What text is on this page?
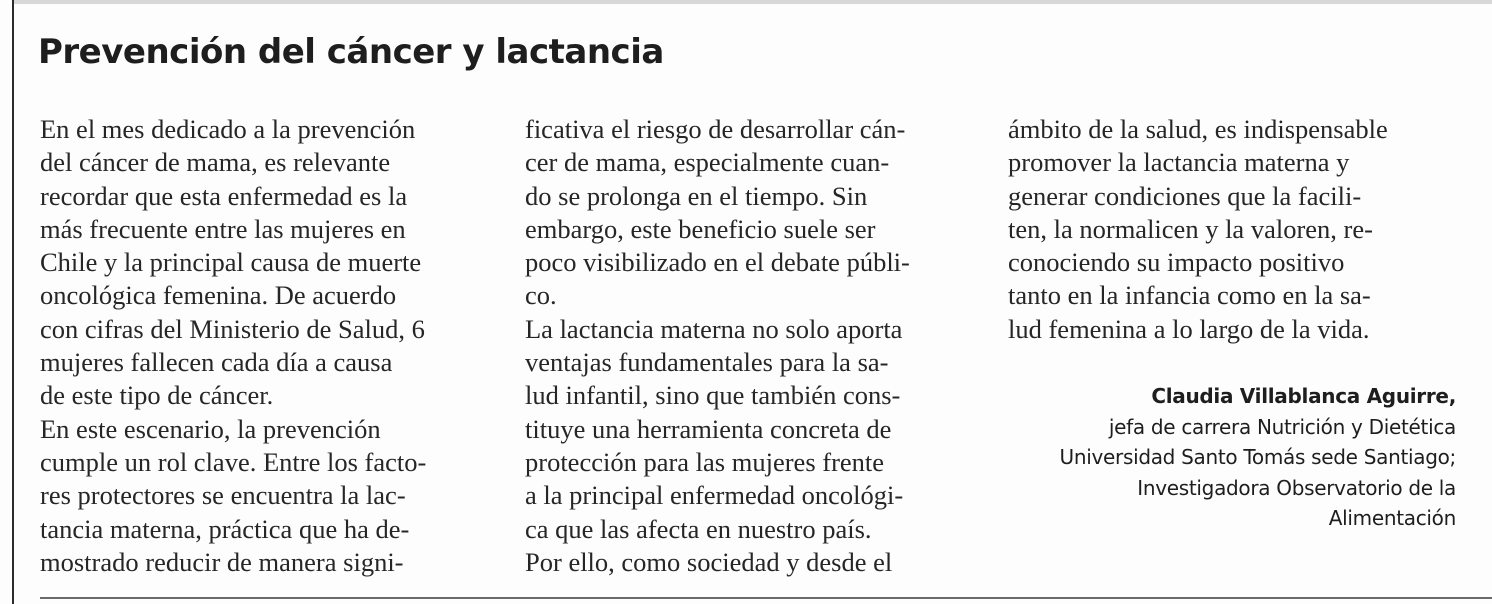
Prevención del cáncer y lactancia
En el mes dedicado a la prevención
del cáncer de mama, es relevante
recordar que esta enfermedad es la
más frecuente entre las mujeres en
Chile y la principal causa de muerte
oncológica femenina. De acuerdo
con cifras del Ministerio de Salud, 6
mujeres fallecen cada día a causa
de este tipo de cáncer.
En este escenario, la prevención
cumple un rol clave. Entre los facto-
res protectores se encuentra la lac-
tancia materna, práctica que ha de-
mostrado reducir de manera signi-
ficativa el riesgo de desarrollar cán-
cer de mama, especialmente cuan-
do se prolonga en el tiempo. Sin
embargo, este beneficio suele ser
poco visibilizado en el debate públi-
co.
La lactancia materna no solo aporta
ventajas fundamentales para la sa-
lud infantil, sino que también cons-
tituye una herramienta concreta de
protección para las mujeres frente
a la principal enfermedad oncológi-
ca que las afecta en nuestro país.
Por ello, como sociedad y desde el
ámbito de la salud, es indispensable
promover la lactancia materna y
generar condiciones que la facili-
ten, la normalicen y la valoren, re-
conociendo su impacto positivo
tanto en la infancia como en la sa-
lud femenina a lo largo de la vida.
Claudia Villablanca Aguirre,
jefa de carrera Nutrición y Dietética
Universidad Santo Tomás sede Santiago;
Investigadora Observatorio de la
Alimentación
